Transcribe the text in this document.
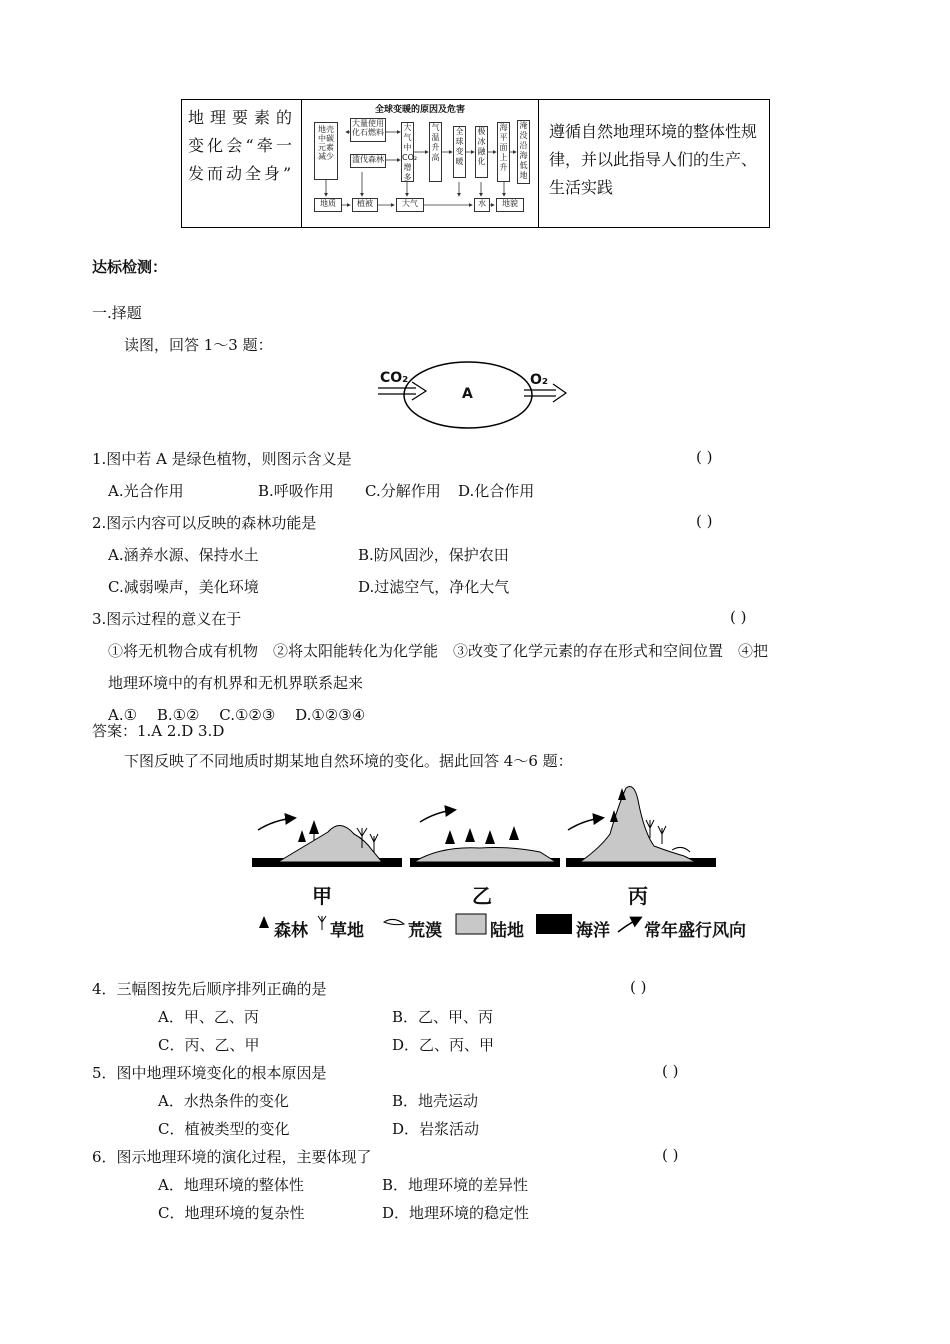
地理要素的变化会“牵一发而动全身”	
全球变暖的原因及危害
地壳中碳元素减少
大量使用化石燃料
滥伐森林
大气中CO₂增多
气温升高
全球变暖
极冰融化
海平面上升
淹没沿海低地
地质	植被	大气	水	地貌
	遵循自然地理环境的整体性规律，并以此指导人们的生产、生活实践
达标检测：
一.择题
读图，回答 1～3 题：
CO₂
A
O₂
1.图中若 A 是绿色植物，则图示含义是	( )
A.光合作用	B.呼吸作用 C.分解作用 D.化合作用
2.图示内容可以反映的森林功能是	( )
A.涵养水源、保持水土	B.防风固沙，保护农田
C.减弱噪声，美化环境	D.过滤空气，净化大气
3.图示过程的意义在于	( )
①将无机物合成有机物　②将太阳能转化为化学能　③改变了化学元素的存在形式和空间位置　④把
地理环境中的有机界和无机界联系起来
A.①　 B.①②　 C.①②③　 D.①②③④
答案：1.A 2.D 3.D
下图反映了不同地质时期某地自然环境的变化。据此回答 4～6 题：
甲	乙	丙
森林 草地	荒漠	陆地	海洋 常年盛行风向
4．三幅图按先后顺序排列正确的是	( )
A．甲、乙、丙	B．乙、甲、丙
C．丙、乙、甲	D．乙、丙、甲
5．图中地理环境变化的根本原因是	( )
A．水热条件的变化	B．地壳运动
C．植被类型的变化	D．岩浆活动
6．图示地理环境的演化过程，主要体现了	( )
A．地理环境的整体性	B．地理环境的差异性
C．地理环境的复杂性	D．地理环境的稳定性
